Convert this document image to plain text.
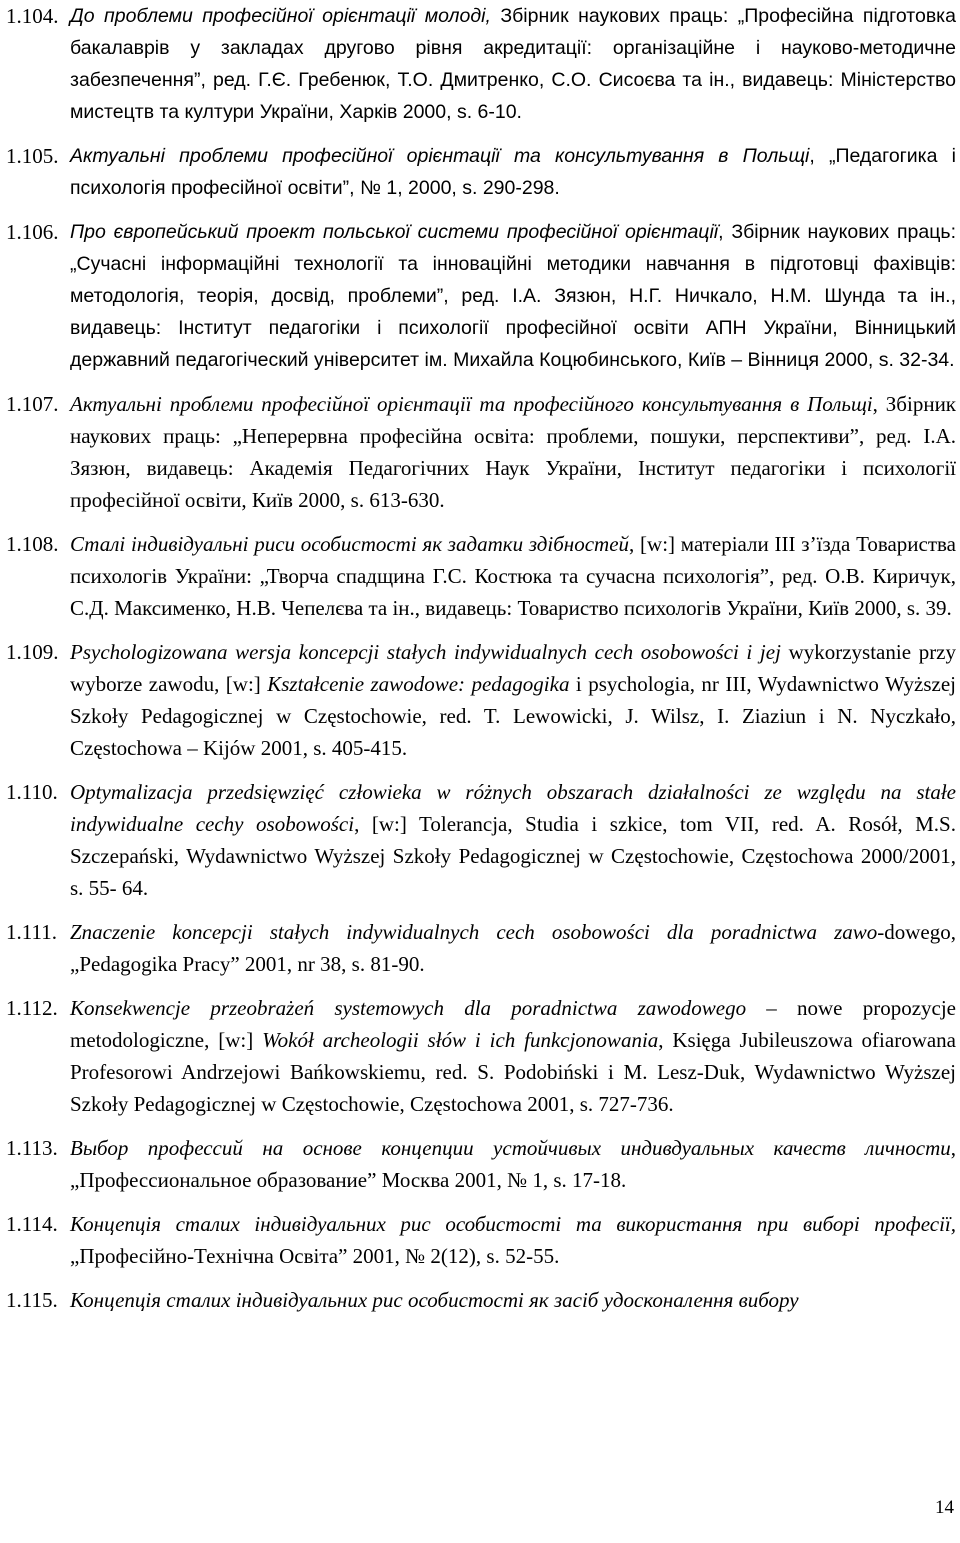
1.104. До проблеми професійної орієнтації молоді, Збірник наукових праць: „Професійна підготовка бакалаврів у закладах другово рівня акредитації: організаційне і науково-методичне забезпечення”, ред. Г.Є. Гребенюк, Т.О. Дмитренко, С.О. Сисоєва та ін., видавець: Міністерство мистецтв та култури України, Харків 2000, s. 6-10.
1.105. Актуальні проблеми професійної орієнтації та консультування в Польщі, „Педагогика і психологія професійної освіти”, № 1, 2000, s. 290-298.
1.106. Про європейський проект польської системи професійної орієнтації, Збірник наукових праць: „Сучасні інформаційні технології та інноваційні методики навчання в підготовці фахівців: методологія, теорія, досвід, проблеми”, ред. І.А. Зязюн, Н.Г. Ничкало, Н.М. Шунда та ін., видавець: Інститут педагогіки і психології професійної освіти АПН України, Вінницький державний педагогіческий університет ім. Михайла Коцюбинського, Київ – Вінниця 2000, s. 32-34.
1.107. Актуальні проблеми професійної орієнтації та професійного консультування в Польщі, Збірник наукових праць: „Неперервна професійна освіта: проблеми, пошуки, перспективи”, ред. І.А. Зязюн, видавець: Академія Педагогічних Наук України, Інститут педагогіки і психології професійної освіти, Київ 2000, s. 613-630.
1.108. Сталі індивідуальні риси особистості як задатки здібностей, [w:] матеріали ІІІ з’їзда Товариства психологів України: „Творча спадщина Г.С. Костюка та сучасна психологія”, ред. О.В. Киричук, С.Д. Максименко, Н.В. Чепелєва та ін., видавець: Товариство психологів України, Київ 2000, s. 39.
1.109. Psychologizowana wersja koncepcji stałych indywidualnych cech osobowości i jej wykorzystanie przy wyborze zawodu, [w:] Kształcenie zawodowe: pedagogika i psychologia, nr III, Wydawnictwo Wyższej Szkoły Pedagogicznej w Częstochowie, red. T. Lewowicki, J. Wilsz, I. Ziaziun i N. Nyczkało, Częstochowa – Kijów 2001, s. 405-415.
1.110. Optymalizacja przedsięwzięć człowieka w różnych obszarach działalności ze względu na stałe indywidualne cechy osobowości, [w:] Tolerancja, Studia i szkice, tom VII, red. A. Rosół, M.S. Szczepański, Wydawnictwo Wyższej Szkoły Pedagogicznej w Częstochowie, Częstochowa 2000/2001, s. 55- 64.
1.111. Znaczenie koncepcji stałych indywidualnych cech osobowości dla poradnictwa zawo-dowego, „Pedagogika Pracy” 2001, nr 38, s. 81-90.
1.112. Konsekwencje przeobrażeń systemowych dla poradnictwa zawodowego – nowe propozycje metodologiczne, [w:] Wokół archeologii słów i ich funkcjonowania, Księga Jubileuszowa ofiarowana Profesorowi Andrzejowi Bańkowskiemu, red. S. Podobiński i M. Lesz-Duk, Wydawnictwo Wyższej Szkoły Pedagogicznej w Częstochowie, Częstochowa 2001, s. 727-736.
1.113. Выбор профессий на основе концепции устойчивых индивдуальных качеств личности, „Профессиональное образование” Москва 2001, № 1, s. 17-18.
1.114. Концепція сталих індивідуальних рис особистості та використання при виборі професії, „Професійно-Технічна Освіта” 2001, № 2(12), s. 52-55.
1.115. Концепція сталих індивідуальних рис особистості як засіб удосконалення вибору
14
